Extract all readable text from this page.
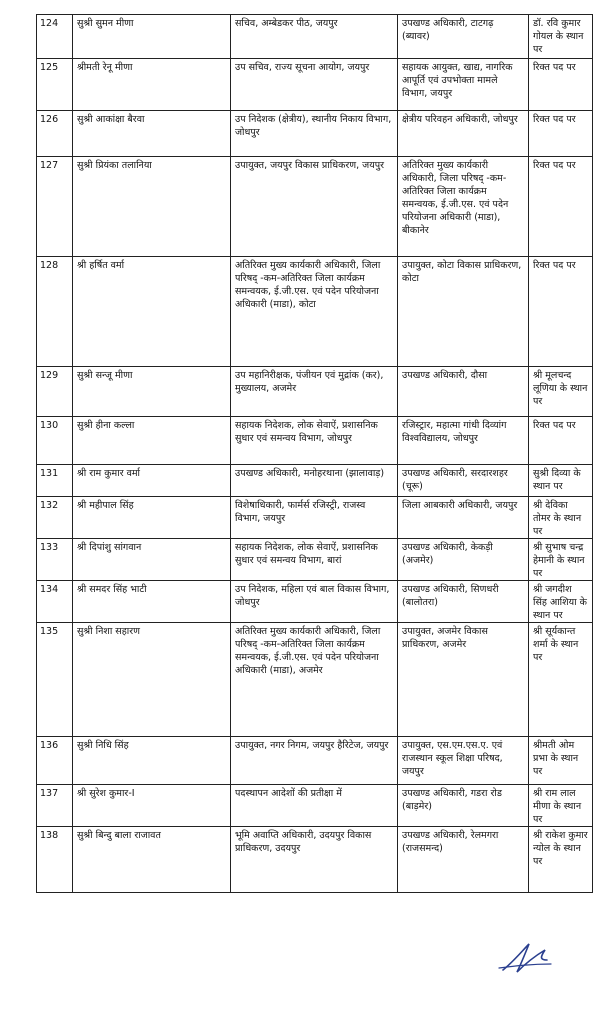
124	सुश्री सुमन मीणा	सचिव, अम्बेडकर पीठ, जयपुर	उपखण्ड अधिकारी, टाटगढ़ (ब्यावर)	डॉ. रवि कुमार गोयल के स्थान पर
125	श्रीमती रेनू मीणा	उप सचिव, राज्य सूचना आयोग, जयपुर	सहायक आयुक्त, खाद्य, नागरिक आपूर्ति एवं उपभोक्ता मामले विभाग, जयपुर	रिक्त पद पर
126	सुश्री आकांक्षा बैरवा	उप निदेशक (क्षेत्रीय), स्थानीय निकाय विभाग, जोधपुर	क्षेत्रीय परिवहन अधिकारी, जोधपुर	रिक्त पद पर
127	सुश्री प्रियंका तलानिया	उपायुक्त, जयपुर विकास प्राधिकरण, जयपुर	अतिरिक्त मुख्य कार्यकारी अधिकारी, जिला परिषद् -कम-अतिरिक्त जिला कार्यक्रम समन्वयक, ई.जी.एस. एवं पदेन परियोजना अधिकारी (माडा), बीकानेर	रिक्त पद पर
128	श्री हर्षित वर्मा	अतिरिक्त मुख्य कार्यकारी अधिकारी, जिला परिषद् -कम-अतिरिक्त जिला कार्यक्रम समन्वयक, ई.जी.एस. एवं पदेन परियोजना अधिकारी (माडा), कोटा	उपायुक्त, कोटा विकास प्राधिकरण, कोटा	रिक्त पद पर
129	सुश्री सन्जू मीणा	उप महानिरीक्षक, पंजीयन एवं मुद्रांक (कर), मुख्यालय, अजमेर	उपखण्ड अधिकारी, दौसा	श्री मूलचन्द लूणिया के स्थान पर
130	सुश्री हीना कल्ला	सहायक निदेशक, लोक सेवाऐं, प्रशासनिक सुधार एवं समन्वय विभाग, जोधपुर	रजिस्ट्रार, महात्मा गांधी दिव्यांग विश्वविद्यालय, जोधपुर	रिक्त पद पर
131	श्री राम कुमार वर्मा	उपखण्ड अधिकारी, मनोहरथाना (झालावाड़)	उपखण्ड अधिकारी, सरदारशहर (चूरू)	सुश्री दिव्या के स्थान पर
132	श्री महीपाल सिंह	विशेषाधिकारी, फार्मर्स रजिस्ट्री, राजस्व विभाग, जयपुर	जिला आबकारी अधिकारी, जयपुर	श्री देविका तोमर के स्थान पर
133	श्री दिपांशु सांगवान	सहायक निदेशक, लोक सेवाऐं, प्रशासनिक सुधार एवं समन्वय विभाग, बारां	उपखण्ड अधिकारी, केकड़ी (अजमेर)	श्री सुभाष चन्द्र हेमानी के स्थान पर
134	श्री समदर सिंह भाटी	उप निदेशक, महिला एवं बाल विकास विभाग, जोधपुर	उपखण्ड अधिकारी, सिणधरी (बालोतरा)	श्री जगदीश सिंह आशिया के स्थान पर
135	सुश्री निशा सहारण	अतिरिक्त मुख्य कार्यकारी अधिकारी, जिला परिषद् -कम-अतिरिक्त जिला कार्यक्रम समन्वयक, ई.जी.एस. एवं पदेन परियोजना अधिकारी (माडा), अजमेर	उपायुक्त, अजमेर विकास प्राधिकरण, अजमेर	श्री सूर्यकान्त शर्मा के स्थान पर
136	सुश्री निधि सिंह	उपायुक्त, नगर निगम, जयपुर हैरिटेज, जयपुर	उपायुक्त, एस.एम.एस.ए. एवं राजस्थान स्कूल शिक्षा परिषद, जयपुर	श्रीमती ओम प्रभा के स्थान पर
137	श्री सुरेश कुमार-I	पदस्थापन आदेशों की प्रतीक्षा में	उपखण्ड अधिकारी, गडरा रोड (बाड़मेर)	श्री राम लाल मीणा के स्थान पर
138	सुश्री बिन्दु बाला राजावत	भूमि अवाप्ति अधिकारी, उदयपुर विकास प्राधिकरण, उदयपुर	उपखण्ड अधिकारी, रेलमगरा (राजसमन्द)	श्री राकेश कुमार न्योल के स्थान पर
